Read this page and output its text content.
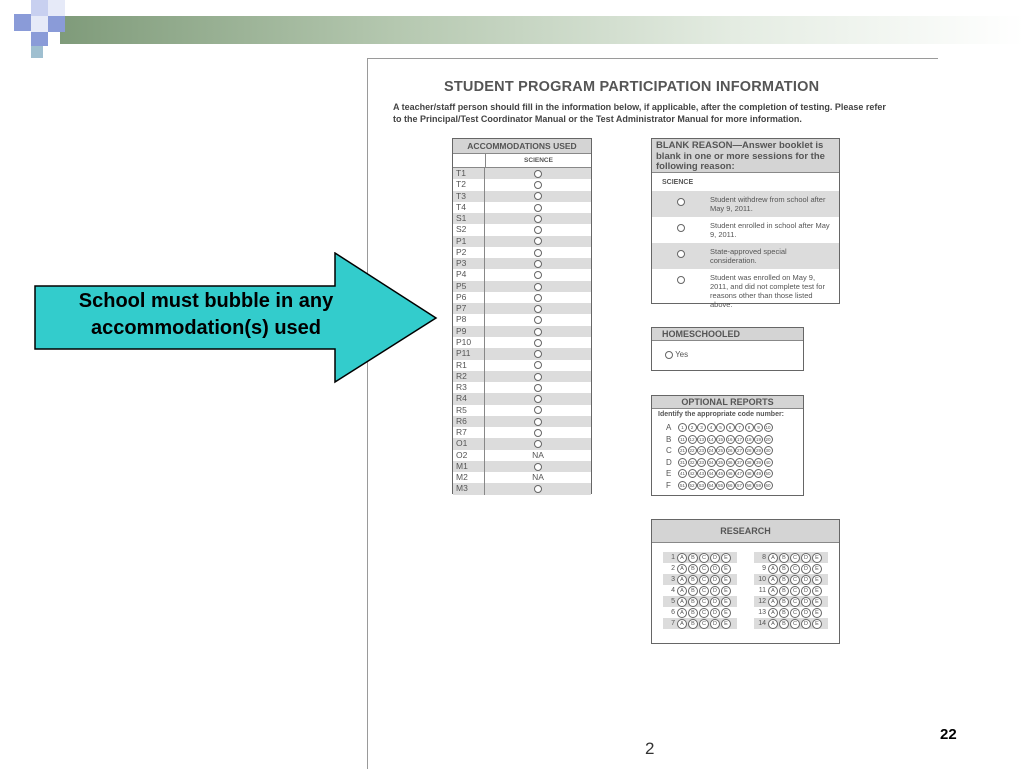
STUDENT PROGRAM PARTICIPATION INFORMATION
A teacher/staff person should fill in the information below, if applicable, after the completion of testing. Please refer to the Principal/Test Coordinator Manual or the Test Administrator Manual for more information.
ACCOMMODATIONS USED
SCIENCE
T1
T2
T3
T4
S1
S2
P1
P2
P3
P4
P5
P6
P7
P8
P9
P10
P11
R1
R2
R3
R4
R5
R6
R7
O1
O2	NA
M1
M2	NA
M3
BLANK REASON—Answer booklet is blank in one or more sessions for the following reason:
SCIENCE
Student withdrew from school after May 9, 2011.
Student enrolled in school after May 9, 2011.
State-approved special consideration.
Student was enrolled on May 9, 2011, and did not complete test for reasons other than those listed above.
HOMESCHOOLED
Yes
OPTIONAL REPORTS
Identify the appropriate code number:
A	1	2	3	4	5	6	7	8	9	10
B	11	12 13 14 15 16 17 18 19 20
C	21 22 23 24 25 26 27 28 29 30
D	31 32 33 34 35 36 37 38 39 40
E	41 42 43 44 45 46 47 48 49 50
F	51 52 53 54 55 56 57 58 59 60
RESEARCH
1 A	B	C	D	E
2 A	B	C	D	E
3 A	B	C	D	E
4 A	B	C	D	E
5 A	B	C	D	E
6 A	B	C	D	E
7 A	B	C	D	E
8 A	B	C	D	E
9 A	B	C	D	E
10 A	B	C	D	E
11 A	B	C	D	E
12 A	B	C	D	E
13 A	B	C	D	E
14 A	B	C	D	E
School must bubble in any accommodation(s) used
2
22
